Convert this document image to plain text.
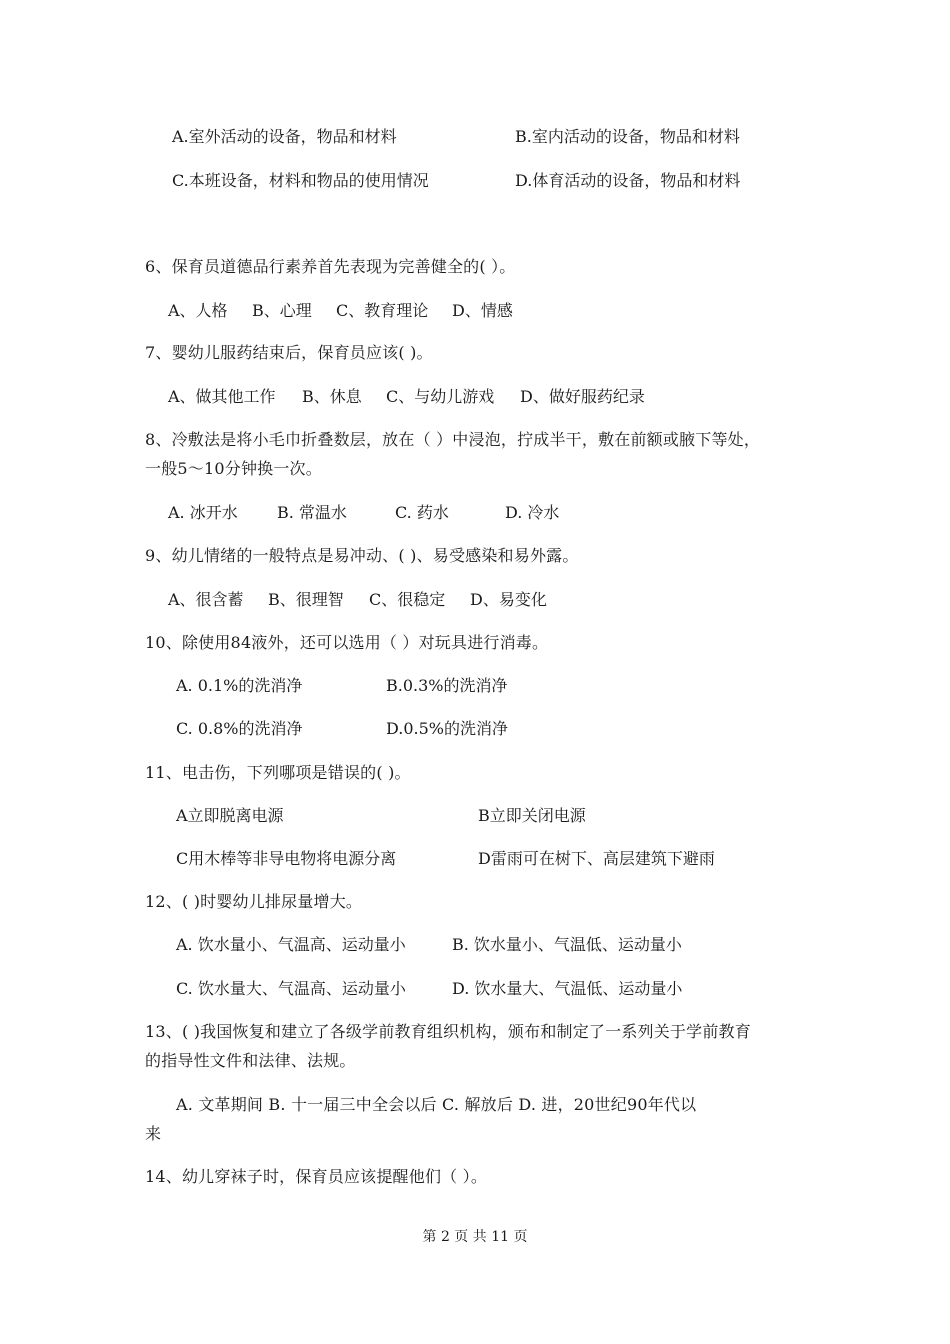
A.室外活动的设备，物品和材料	B.室内活动的设备，物品和材料
C.本班设备，材料和物品的使用情况	D.体育活动的设备，物品和材料
6、保育员道德品行素养首先表现为完善健全的( ）。
A、人格 B、心理 C、教育理论 D、情感
7、婴幼儿服药结束后，保育员应该( )。
A、做其他工作 B、休息 C、与幼儿游戏 D、做好服药纪录
8、冷敷法是将小毛巾折叠数层，放在（ ）中浸泡，拧成半干，敷在前额或腋下等处，
一般5～10分钟换一次。
A. 冰开水 B. 常温水	C. 药水	D. 冷水
9、幼儿情绪的一般特点是易冲动、( )、易受感染和易外露。
A、很含蓄 B、很理智 C、很稳定 D、易变化
10、除使用84液外，还可以选用（ ）对玩具进行消毒。
A. 0.1%的洗消净	B.0.3%的洗消净
C. 0.8%的洗消净	D.0.5%的洗消净
11、电击伤，下列哪项是错误的( )。
A立即脱离电源	B立即关闭电源
C用木棒等非导电物将电源分离	D雷雨可在树下、高层建筑下避雨
12、( )时婴幼儿排尿量增大。
A. 饮水量小、气温高、运动量小	B. 饮水量小、气温低、运动量小
C. 饮水量大、气温高、运动量小	D. 饮水量大、气温低、运动量小
13、( )我国恢复和建立了各级学前教育组织机构，颁布和制定了一系列关于学前教育
的指导性文件和法律、法规。
A. 文革期间 B. 十一届三中全会以后 C. 解放后 D. 进，20世纪90年代以
来
14、幼儿穿袜子时，保育员应该提醒他们（ ）。
第 2 页 共 11 页
